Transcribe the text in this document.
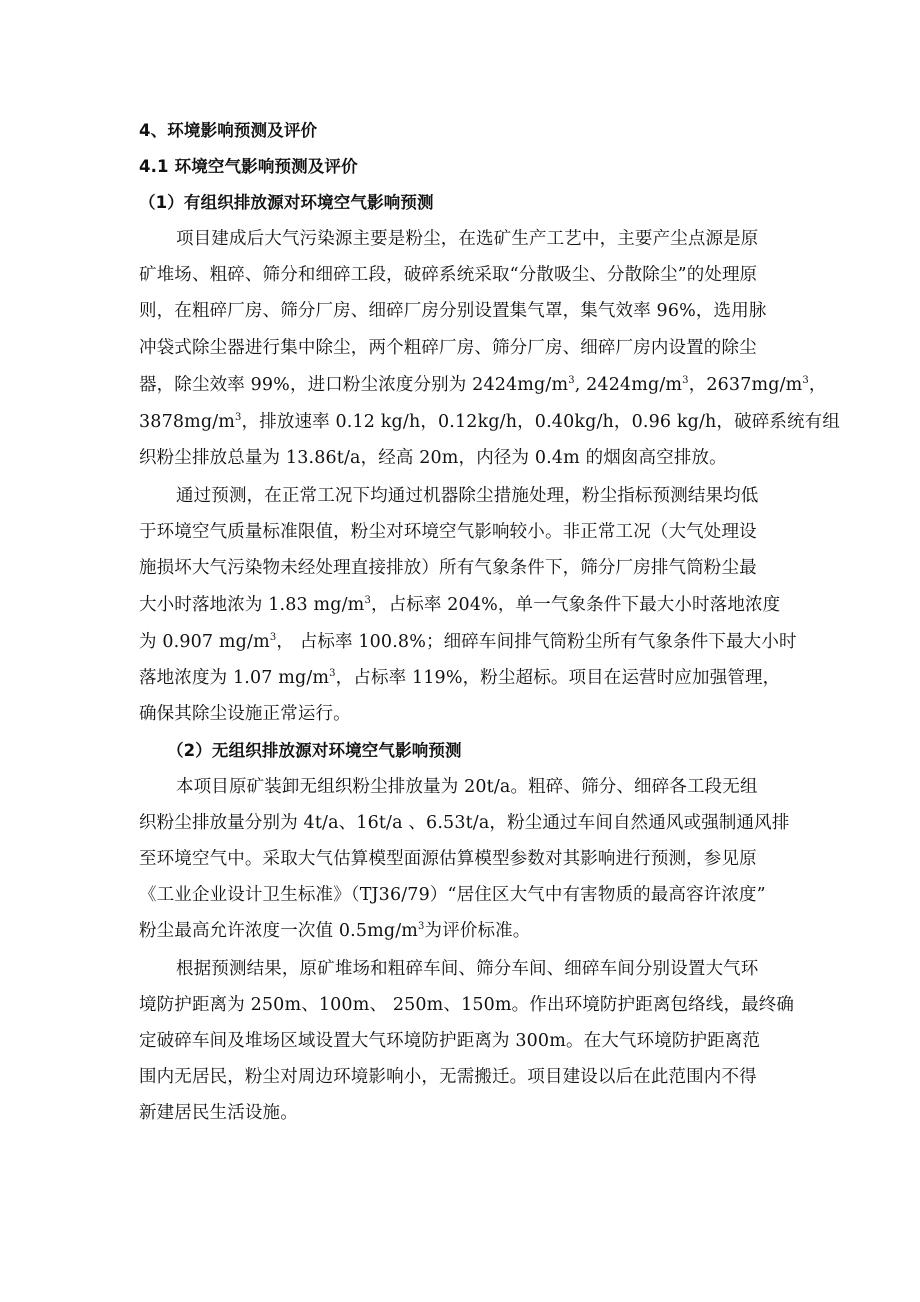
4、环境影响预测及评价
4.1 环境空气影响预测及评价
（1）有组织排放源对环境空气影响预测
项目建成后大气污染源主要是粉尘，在选矿生产工艺中，主要产尘点源是原
矿堆场、粗碎、筛分和细碎工段，破碎系统采取“分散吸尘、分散除尘”的处理原
则，在粗碎厂房、筛分厂房、细碎厂房分别设置集气罩，集气效率 96%，选用脉
冲袋式除尘器进行集中除尘，两个粗碎厂房、筛分厂房、细碎厂房内设置的除尘
器，除尘效率 99%，进口粉尘浓度分别为 $2424mg/m^3$, $2424mg/m^3$，$2637mg/m^3$，
$3878mg/m^3$，排放速率 0.12 kg/h，0.12kg/h，0.40kg/h，0.96 kg/h，破碎系统有组
织粉尘排放总量为 13.86t/a，经高 20m，内径为 0.4m 的烟囱高空排放。
通过预测，在正常工况下均通过机器除尘措施处理，粉尘指标预测结果均低
于环境空气质量标准限值，粉尘对环境空气影响较小。非正常工况（大气处理设
施损坏大气污染物未经处理直接排放）所有气象条件下，筛分厂房排气筒粉尘最
大小时落地浓为 1.83 $mg/m^3$，占标率 204%，单一气象条件下最大小时落地浓度
为 0.907 $mg/m^3$， 占标率 100.8%；细碎车间排气筒粉尘所有气象条件下最大小时
落地浓度为 1.07 $mg/m^3$，占标率 119%，粉尘超标。项目在运营时应加强管理，
确保其除尘设施正常运行。
（2）无组织排放源对环境空气影响预测
本项目原矿装卸无组织粉尘排放量为 20t/a。粗碎、筛分、细碎各工段无组
织粉尘排放量分别为 4t/a、16t/a 、6.53t/a，粉尘通过车间自然通风或强制通风排
至环境空气中。采取大气估算模型面源估算模型参数对其影响进行预测，参见原
《工业企业设计卫生标准》（TJ36/79）“居住区大气中有害物质的最高容许浓度”
粉尘最高允许浓度一次值 $0.5mg/m^3$为评价标准。
根据预测结果，原矿堆场和粗碎车间、筛分车间、细碎车间分别设置大气环
境防护距离为 250m、100m、 250m、150m。作出环境防护距离包络线，最终确
定破碎车间及堆场区域设置大气环境防护距离为 300m。在大气环境防护距离范
围内无居民，粉尘对周边环境影响小，无需搬迁。项目建设以后在此范围内不得
新建居民生活设施。
